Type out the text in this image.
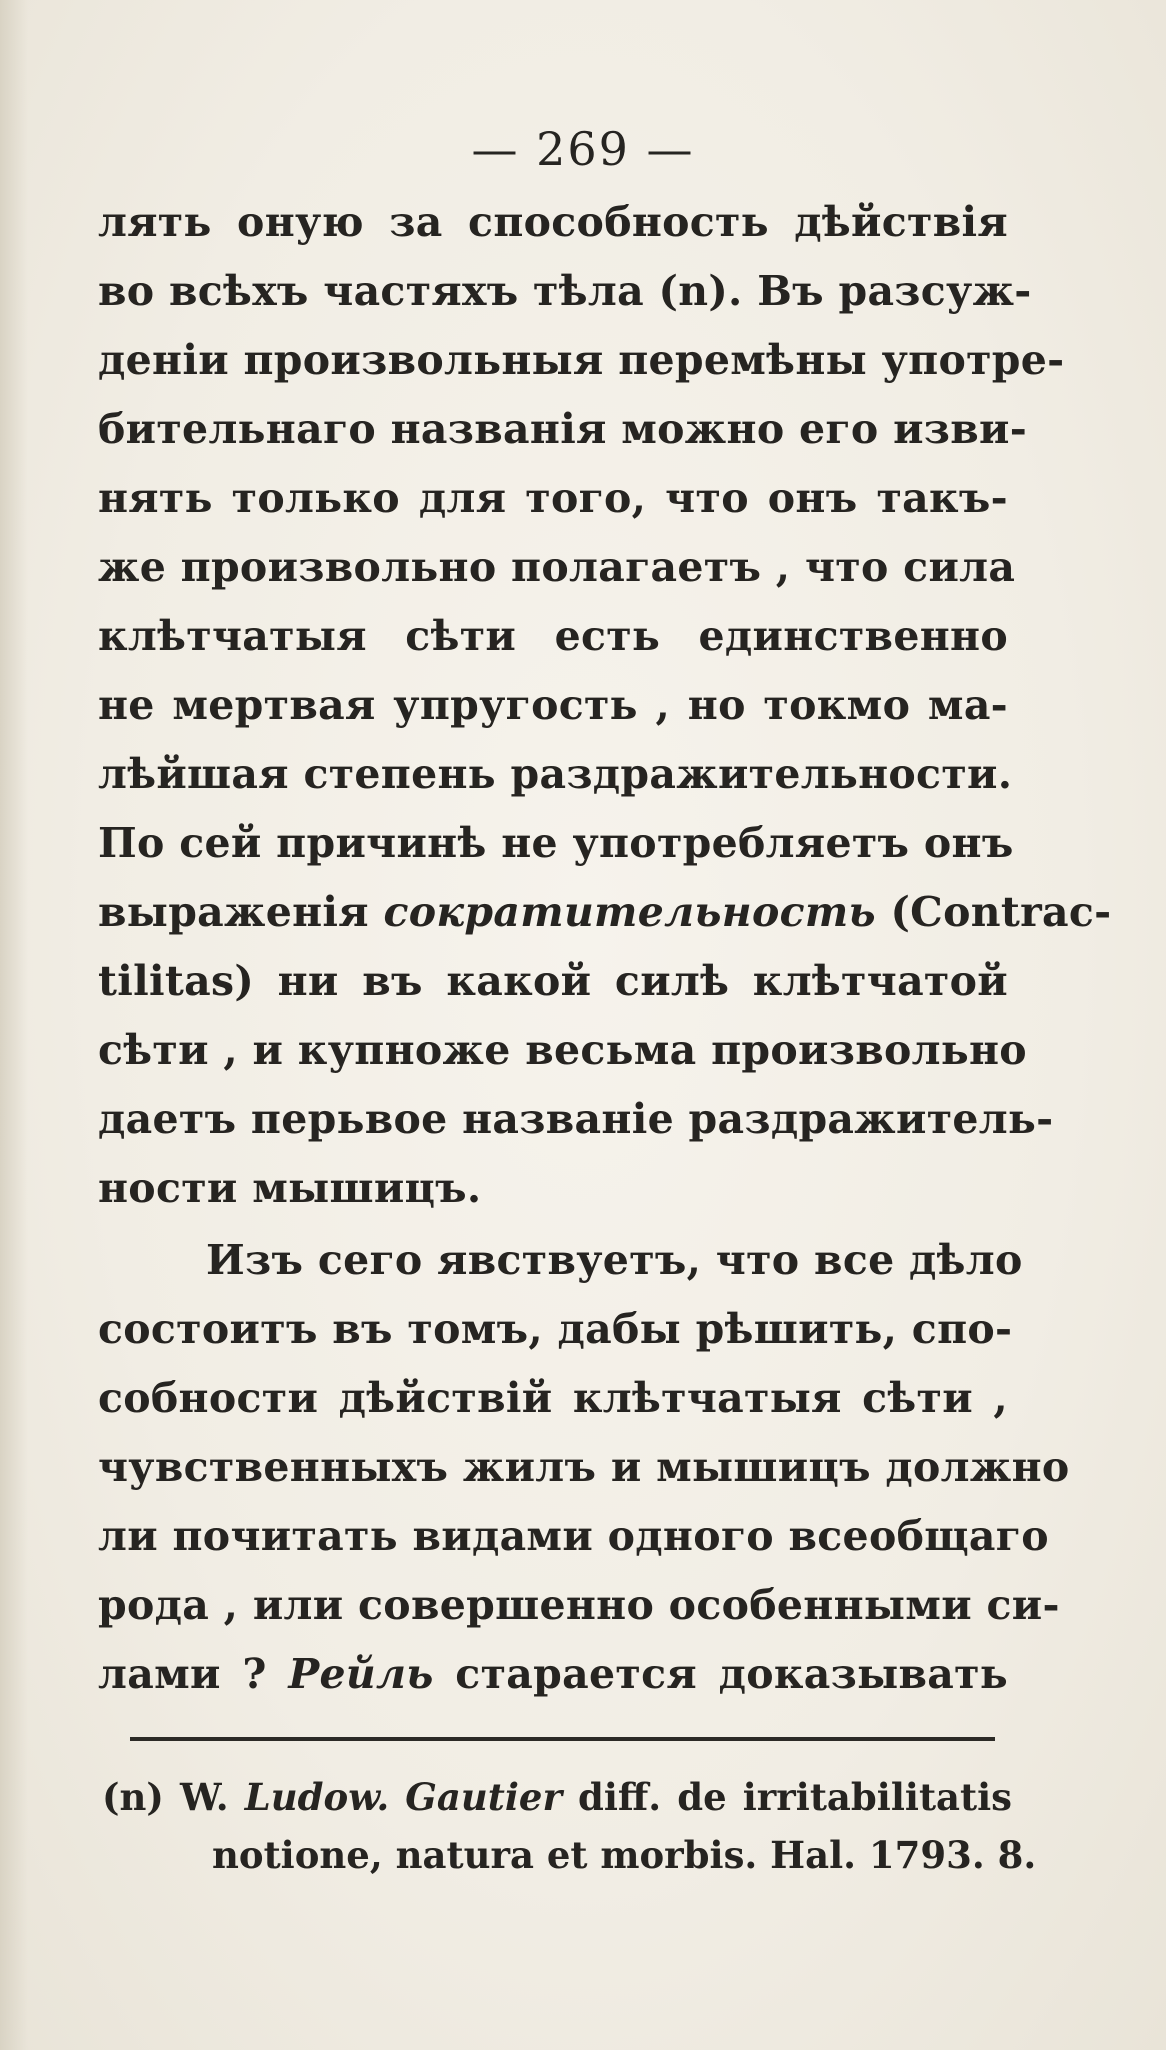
— 269 —
лять оную за способность дѣйствія
во всѣхъ частяхъ тѣла (n). Въ разсуж-
деніи произвольныя перемѣны употре-
бительнаго названія можно его изви-
нять только для того, что онъ такъ-
же произвольно полагаетъ , что сила
клѣтчатыя сѣти есть единственно
не мертвая упругость , но токмо ма-
лѣйшая степень раздражительности.
По сей причинѣ не употребляетъ онъ
выраженія сократительность (Contrac-
tilitas) ни въ какой силѣ клѣтчатой
сѣти , и купноже весьма произвольно
даетъ перьвое названіе раздражитель-
ности мышицъ.
Изъ сего явствуетъ, что все дѣло
состоитъ въ томъ, дабы рѣшить, спо-
собности дѣйствій клѣтчатыя сѣти ,
чувственныхъ жилъ и мышицъ должно
ли почитать видами одного всеобщаго
рода , или совершенно особенными си-
лами ? Рейль старается доказывать
(n) W. Ludow. Gautier diff. de irritabilitatis
notione, natura et morbis. Hal. 1793. 8.
